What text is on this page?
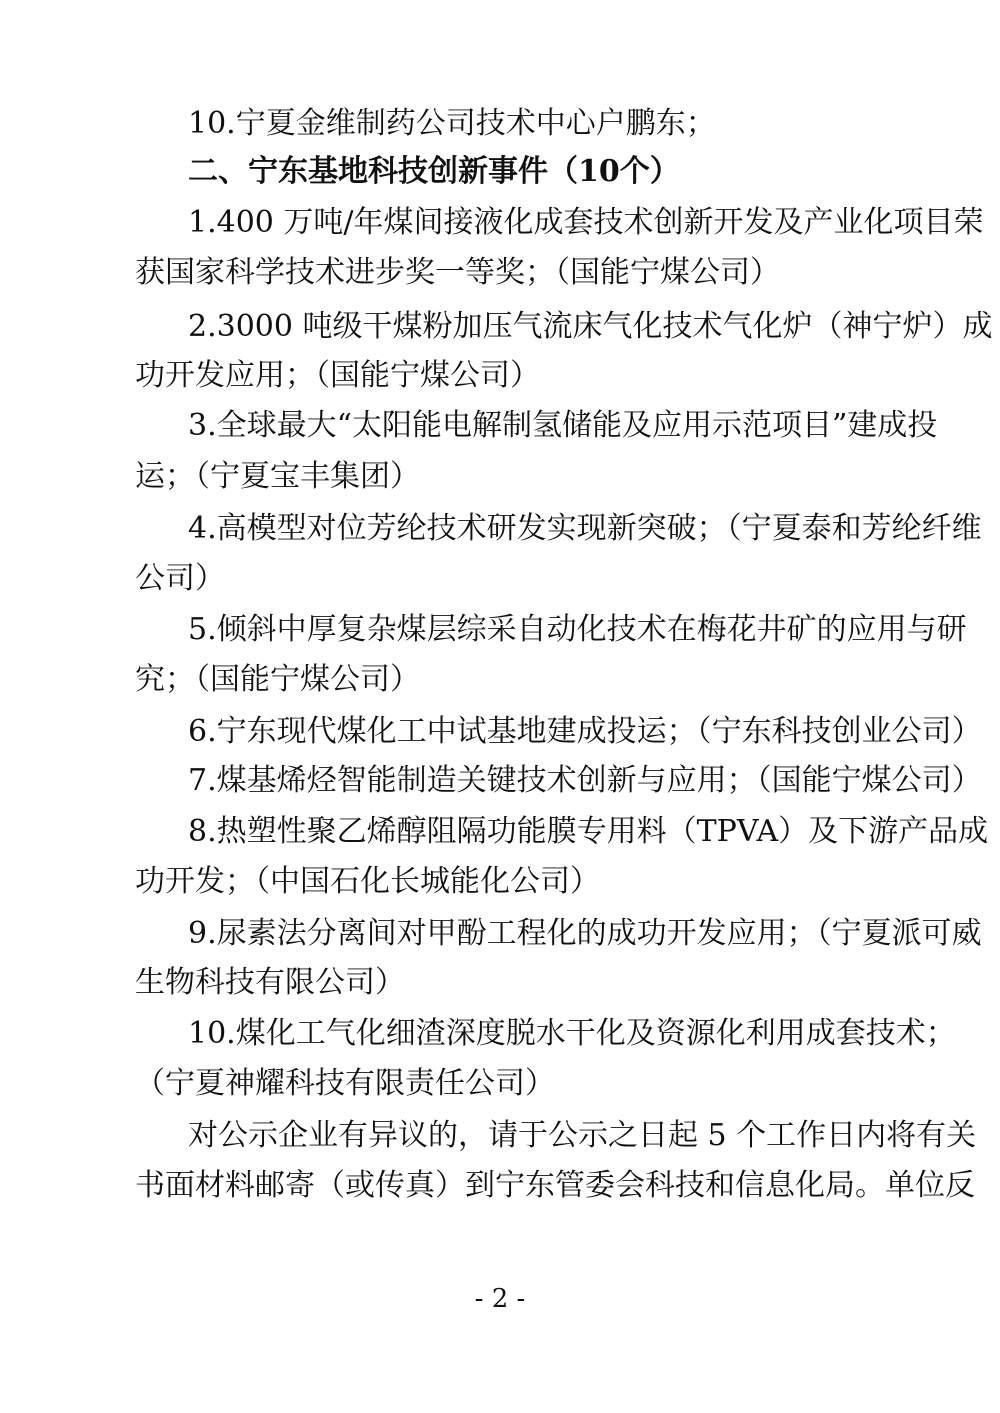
10.宁夏金维制药公司技术中心户鹏东；
二、宁东基地科技创新事件（10个）
1.400 万吨/年煤间接液化成套技术创新开发及产业化项目荣
获国家科学技术进步奖一等奖；（国能宁煤公司）
2.3000 吨级干煤粉加压气流床气化技术气化炉（神宁炉）成
功开发应用；（国能宁煤公司）
3.全球最大“太阳能电解制氢储能及应用示范项目”建成投
运；（宁夏宝丰集团）
4.高模型对位芳纶技术研发实现新突破；（宁夏泰和芳纶纤维
公司）
5.倾斜中厚复杂煤层综采自动化技术在梅花井矿的应用与研
究；（国能宁煤公司）
6.宁东现代煤化工中试基地建成投运；（宁东科技创业公司）
7.煤基烯烃智能制造关键技术创新与应用；（国能宁煤公司）
8.热塑性聚乙烯醇阻隔功能膜专用料（TPVA）及下游产品成
功开发；（中国石化长城能化公司）
9.尿素法分离间对甲酚工程化的成功开发应用；（宁夏派可威
生物科技有限公司）
10.煤化工气化细渣深度脱水干化及资源化利用成套技术；
（宁夏神耀科技有限责任公司）
对公示企业有异议的，请于公示之日起 5 个工作日内将有关
书面材料邮寄（或传真）到宁东管委会科技和信息化局。单位反
- 2 -
